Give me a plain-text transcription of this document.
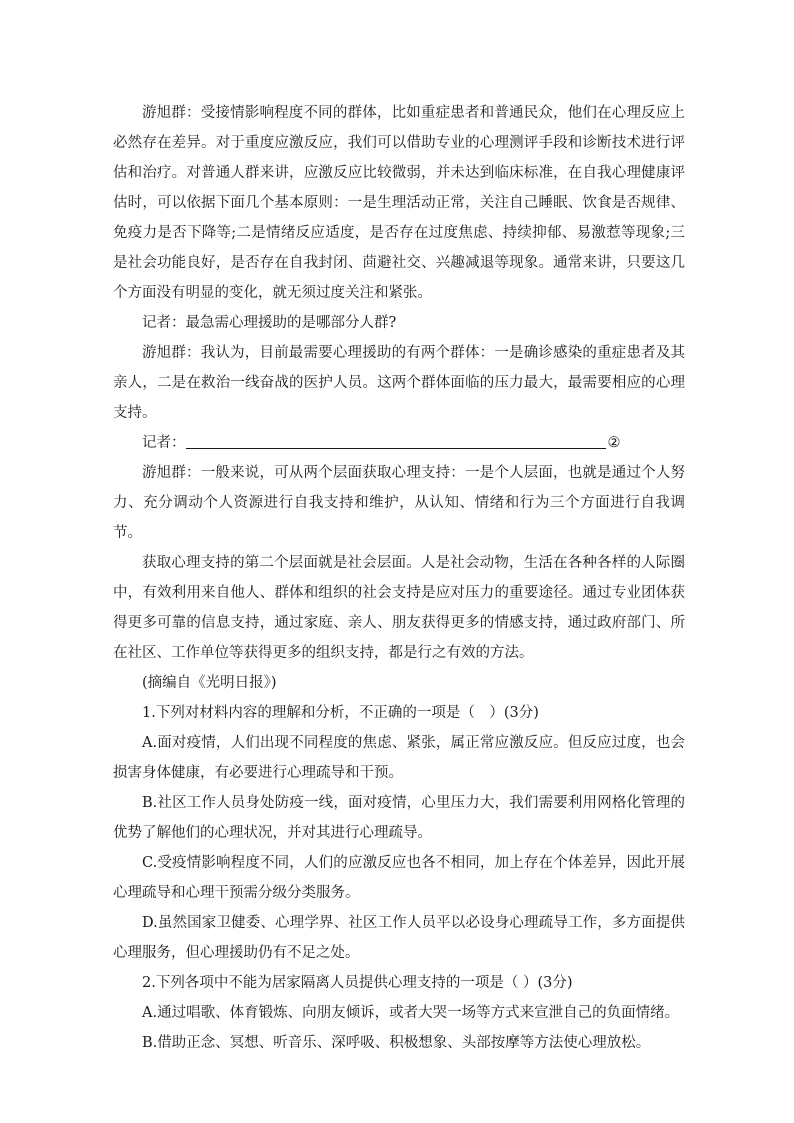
游旭群：受接情影响程度不同的群体，比如重症患者和普通民众，他们在心理反应上必然存在差异。对于重度应激反应，我们可以借助专业的心理测评手段和诊断技术进行评估和治疗。对普通人群来讲，应激反应比较微弱，并未达到临床标准，在自我心理健康评估时，可以依据下面几个基本原则：一是生理活动正常，关注自己睡眠、饮食是否规律、免疫力是否下降等;二是情绪反应适度，是否存在过度焦虑、持续抑郁、易激惹等现象;三是社会功能良好，是否存在自我封闭、茴避社交、兴趣减退等现象。通常来讲，只要这几个方面没有明显的变化，就无须过度关注和紧张。

记者：最急需心理援助的是哪部分人群?

游旭群：我认为，目前最需要心理援助的有两个群体：一是确诊感染的重症患者及其亲人，二是在救治一线奋战的医护人员。这两个群体面临的压力最大，最需要相应的心理支持。

记者：	②

游旭群：一般来说，可从两个层面获取心理支持：一是个人层面，也就是通过个人努力、充分调动个人资源进行自我支持和维护，从认知、情绪和行为三个方面进行自我调节。

获取心理支持的第二个层面就是社会层面。人是社会动物，生活在各种各样的人际圈中，有效利用来自他人、群体和组织的社会支持是应对压力的重要途径。通过专业团体获得更多可靠的信息支持，通过家庭、亲人、朋友获得更多的情感支持，通过政府部门、所在社区、工作单位等获得更多的组织支持，都是行之有效的方法。

(摘编自《光明日报》)

1.下列对材料内容的理解和分析，不正确的一项是（　）(3分)

A.面对疫情，人们出现不同程度的焦虑、紧张，属正常应激反应。但反应过度，也会损害身体健康，有必要进行心理疏导和干预。

B.社区工作人员身处防疫一线，面对疫情，心里压力大，我们需要利用网格化管理的优势了解他们的心理状况，并对其进行心理疏导。

C.受疫情影响程度不同，人们的应激反应也各不相同，加上存在个体差异，因此开展心理疏导和心理干预需分级分类服务。

D.虽然国家卫健委、心理学界、社区工作人员平以必设身心理疏导工作，多方面提供心理服务，但心理援助仍有不足之处。

2.下列各项中不能为居家隔离人员提供心理支持的一项是（ ）(3分)

A.通过唱歌、体育锻炼、向朋友倾诉，或者大哭一场等方式来宣泄自己的负面情绪。

B.借助正念、冥想、听音乐、深呼吸、积极想象、头部按摩等方法使心理放松。
